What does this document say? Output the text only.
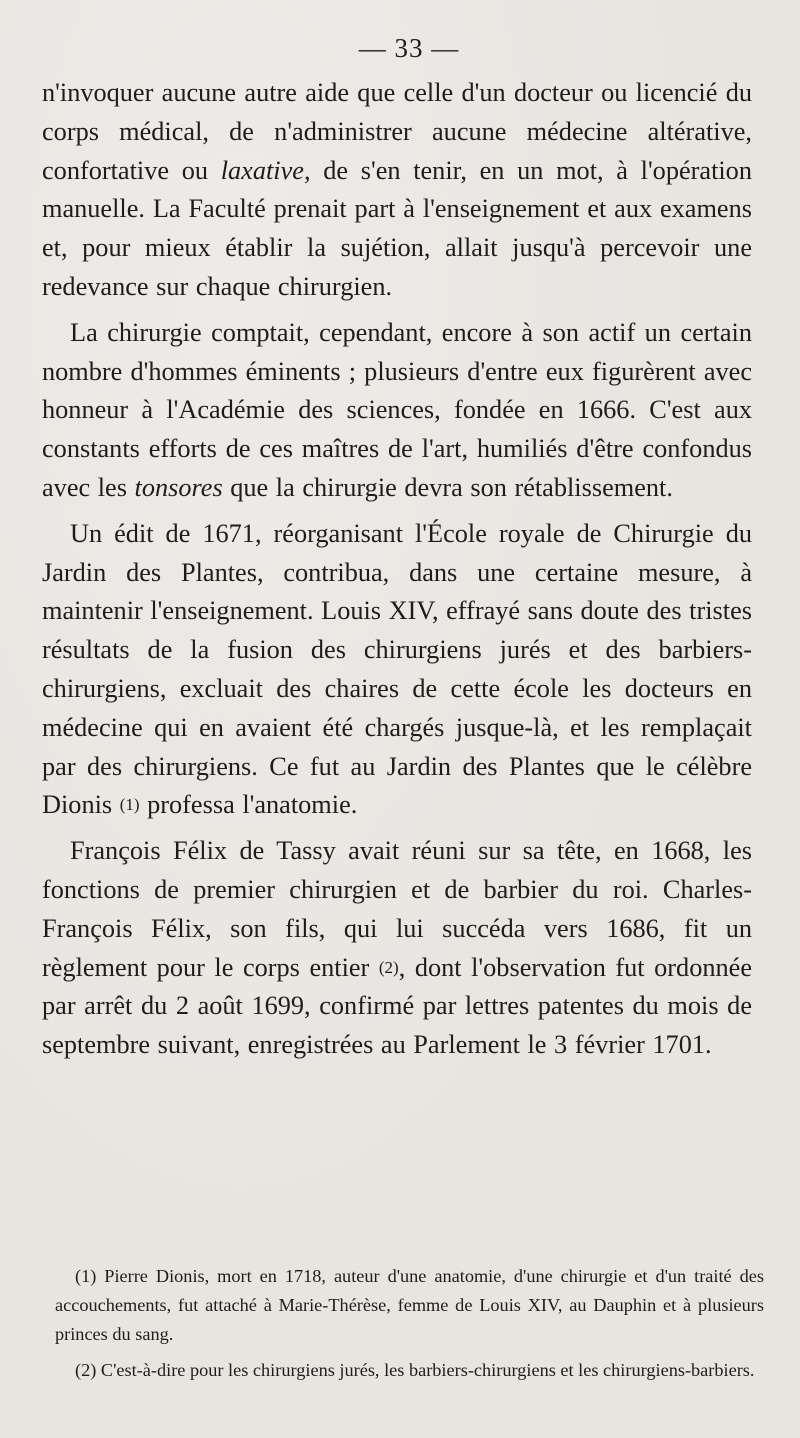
— 33 —

n'invoquer aucune autre aide que celle d'un docteur ou licencié du corps médical, de n'administrer aucune médecine altérative, confortative ou laxative, de s'en tenir, en un mot, à l'opération manuelle. La Faculté prenait part à l'enseignement et aux examens et, pour mieux établir la sujétion, allait jusqu'à percevoir une redevance sur chaque chirurgien.

La chirurgie comptait, cependant, encore à son actif un certain nombre d'hommes éminents ; plusieurs d'entre eux figurèrent avec honneur à l'Académie des sciences, fondée en 1666. C'est aux constants efforts de ces maîtres de l'art, humiliés d'être confondus avec les tonsores que la chirurgie devra son rétablissement.

Un édit de 1671, réorganisant l'École royale de Chirurgie du Jardin des Plantes, contribua, dans une certaine mesure, à maintenir l'enseignement. Louis XIV, effrayé sans doute des tristes résultats de la fusion des chirurgiens jurés et des barbiers-chirurgiens, excluait des chaires de cette école les docteurs en médecine qui en avaient été chargés jusque-là, et les remplaçait par des chirurgiens. Ce fut au Jardin des Plantes que le célèbre Dionis (1) professa l'anatomie.

François Félix de Tassy avait réuni sur sa tête, en 1668, les fonctions de premier chirurgien et de barbier du roi. Charles-François Félix, son fils, qui lui succéda vers 1686, fit un règlement pour le corps entier (2), dont l'observation fut ordonnée par arrêt du 2 août 1699, confirmé par lettres patentes du mois de septembre suivant, enregistrées au Parlement le 3 février 1701.

(1) Pierre Dionis, mort en 1718, auteur d'une anatomie, d'une chirurgie et d'un traité des accouchements, fut attaché à Marie-Thérèse, femme de Louis XIV, au Dauphin et à plusieurs princes du sang.

(2) C'est-à-dire pour les chirurgiens jurés, les barbiers-chirurgiens et les chirurgiens-barbiers.
